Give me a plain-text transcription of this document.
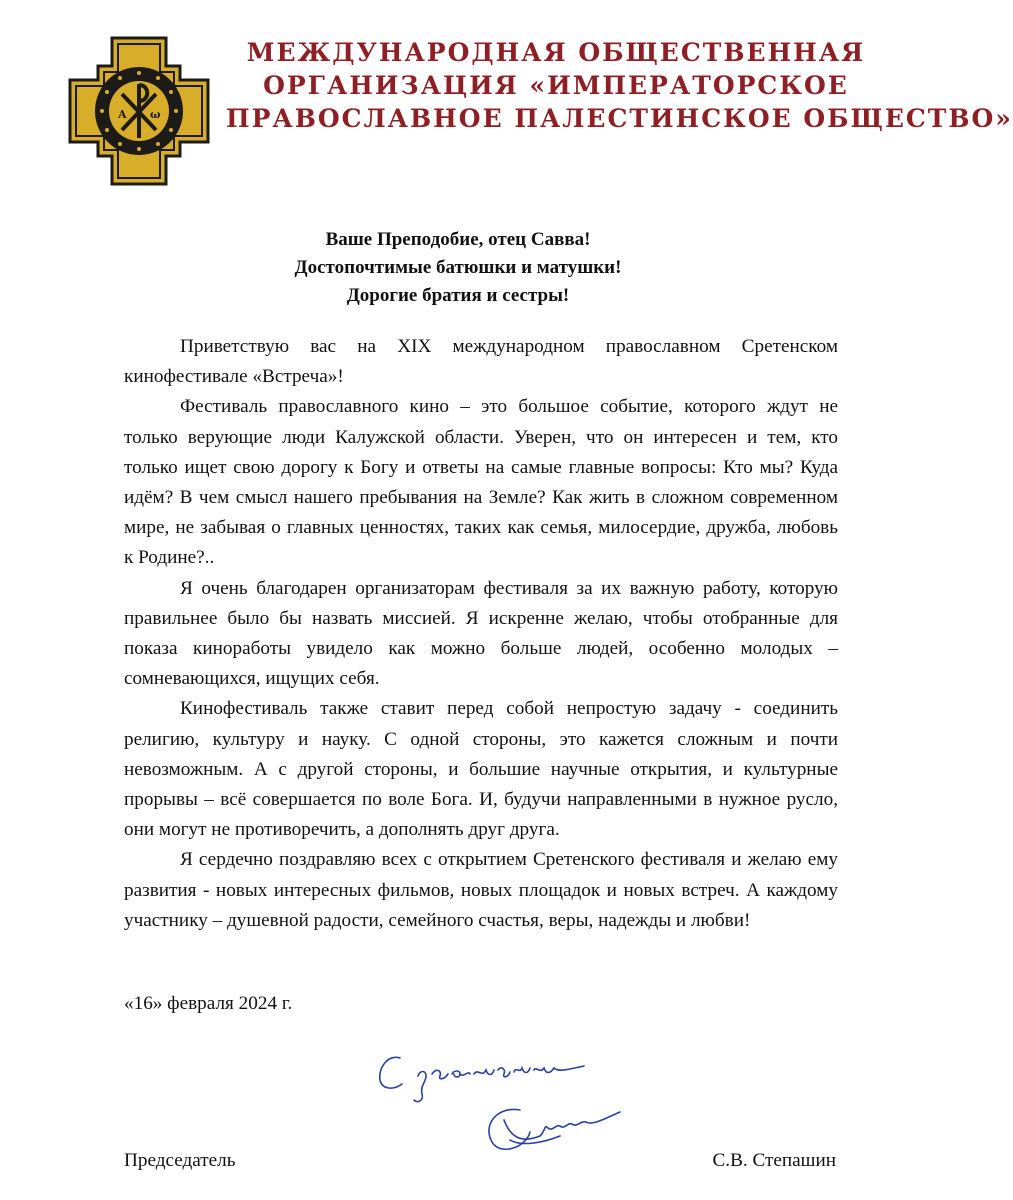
A ω
МЕЖДУНАРОДНАЯ ОБЩЕСТВЕННАЯ
ОРГАНИЗАЦИЯ «ИМПЕРАТОРСКОЕ
ПРАВОСЛАВНОЕ ПАЛЕСТИНСКОЕ ОБЩЕСТВО»
Ваше Преподобие, отец Савва!
Достопочтимые батюшки и матушки!
Дорогие братия и сестры!

Приветствую вас на XIX международном православном Сретенском кинофестивале «Встреча»!

Фестиваль православного кино – это большое событие, которого ждут не только верующие люди Калужской области. Уверен, что он интересен и тем, кто только ищет свою дорогу к Богу и ответы на самые главные вопросы: Кто мы? Куда идём? В чем смысл нашего пребывания на Земле? Как жить в сложном современном мире, не забывая о главных ценностях, таких как семья, милосердие, дружба, любовь к Родине?..

Я очень благодарен организаторам фестиваля за их важную работу, которую правильнее было бы назвать миссией. Я искренне желаю, чтобы отобранные для показа киноработы увидело как можно больше людей, особенно молодых – сомневающихся, ищущих себя.

Кинофестиваль также ставит перед собой непростую задачу - соединить религию, культуру и науку. С одной стороны, это кажется сложным и почти невозможным. А с другой стороны, и большие научные открытия, и культурные прорывы – всё совершается по воле Бога. И, будучи направленными в нужное русло, они могут не противоречить, а дополнять друг друга.

Я сердечно поздравляю всех с открытием Сретенского фестиваля и желаю ему развития - новых интересных фильмов, новых площадок и новых встреч. А каждому участнику – душевной радости, семейного счастья, веры, надежды и любви!

«16» февраля 2024 г.
Председатель	С.В. Степашин
